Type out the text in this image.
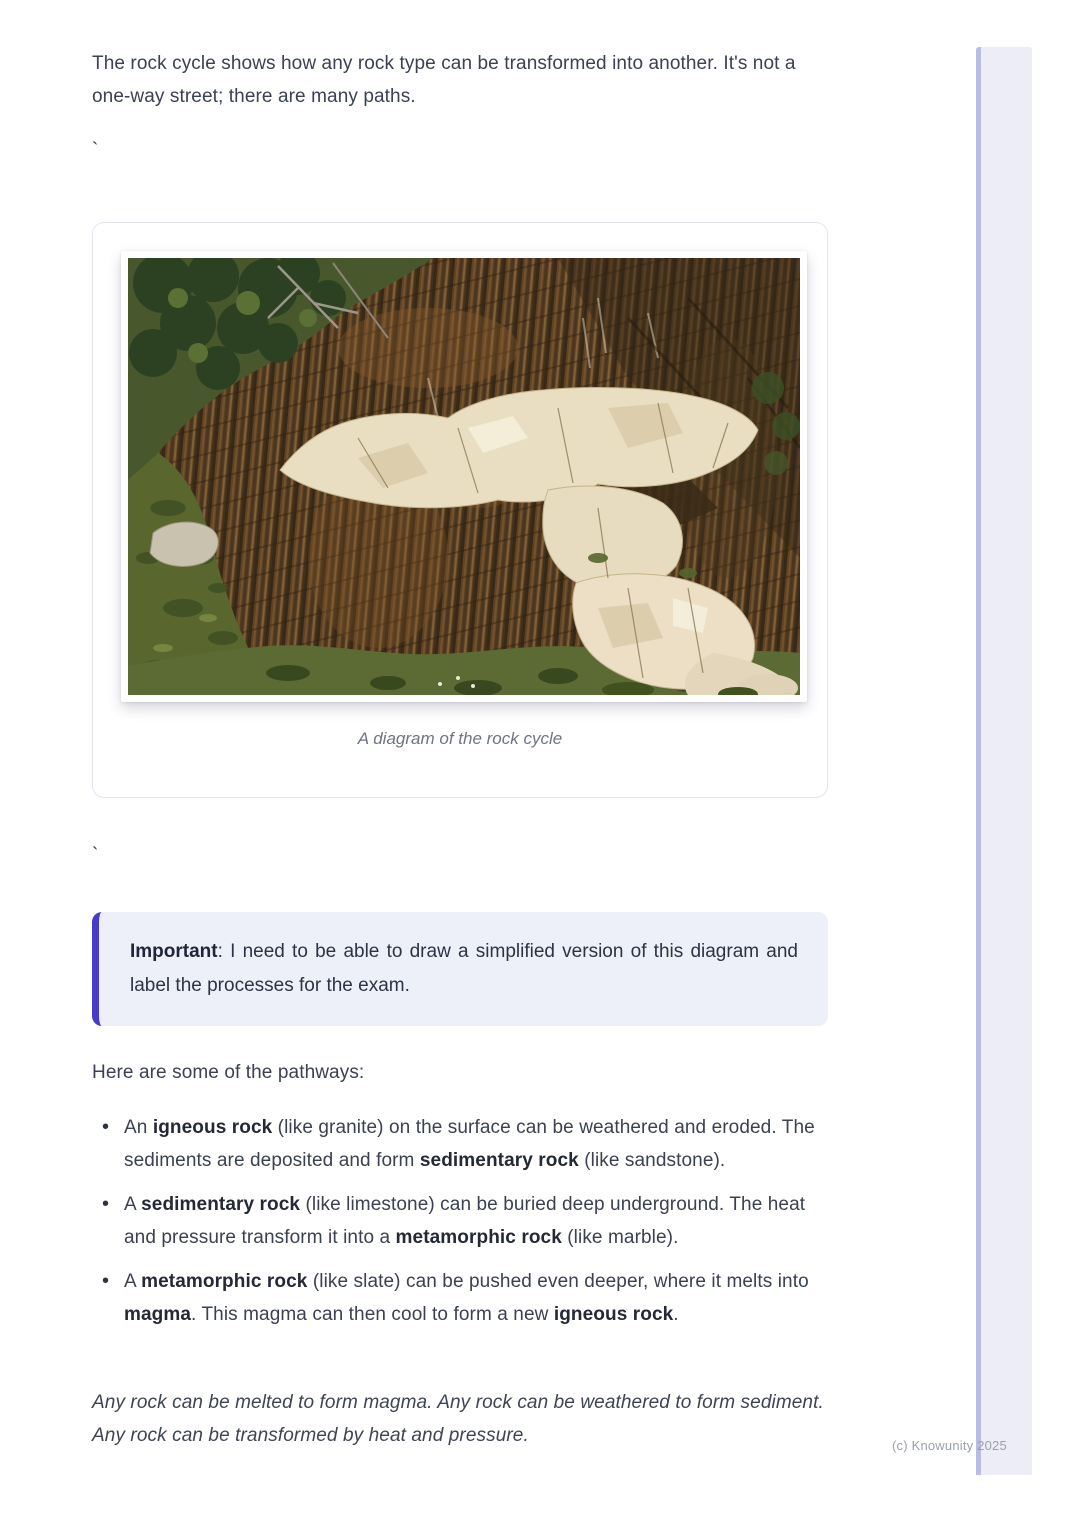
The rock cycle shows how any rock type can be transformed into another. It's not a one-way street; there are many paths.

`
A diagram of the rock cycle
`

Important: I need to be able to draw a simplified version of this diagram and label the processes for the exam.

Here are some of the pathways:

• An igneous rock (like granite) on the surface can be weathered and eroded. The sediments are deposited and form sedimentary rock (like sandstone).
• A sedimentary rock (like limestone) can be buried deep underground. The heat and pressure transform it into a metamorphic rock (like marble).
• A metamorphic rock (like slate) can be pushed even deeper, where it melts into magma. This magma can then cool to form a new igneous rock.

Any rock can be melted to form magma. Any rock can be weathered to form sediment. Any rock can be transformed by heat and pressure.	(c) Knowunity 2025
